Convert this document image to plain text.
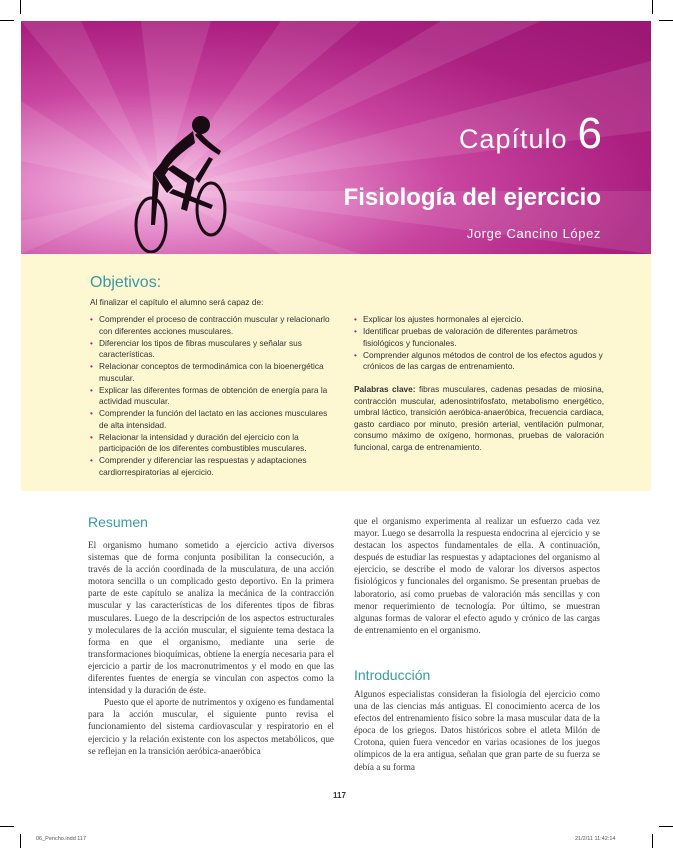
Capítulo 6
Fisiología del ejercicio
Jorge Cancino López
Objetivos:
Al finalizar el capítulo el alumno será capaz de:
• Comprender el proceso de contracción muscular y relacionarlo con diferentes acciones musculares.
• Diferenciar los tipos de fibras musculares y señalar sus características.
• Relacionar conceptos de termodinámica con la bioenergética muscular.
• Explicar las diferentes formas de obtención de energía para la actividad muscular.
• Comprender la función del lactato en las acciones musculares de alta intensidad.
• Relacionar la intensidad y duración del ejercicio con la participación de los diferentes combustibles musculares.
• Comprender y diferenciar las respuestas y adaptaciones cardiorrespiratorias al ejercicio.
• Explicar los ajustes hormonales al ejercicio.
• Identificar pruebas de valoración de diferentes parámetros fisiológicos y funcionales.
• Comprender algunos métodos de control de los efectos agudos y crónicos de las cargas de entrenamiento.
Palabras clave: fibras musculares, cadenas pesadas de miosina, contracción muscular, adenosintrifosfato, metabolismo energético, umbral láctico, transición aeróbica-anaeróbica, frecuencia cardiaca, gasto cardiaco por minuto, presión arterial, ventilación pulmonar, consumo máximo de oxígeno, hormonas, pruebas de valoración funcional, carga de entrenamiento.
Resumen

El organismo humano sometido a ejercicio activa diversos sistemas que de forma conjunta posibilitan la consecución, a través de la acción coordinada de la musculatura, de una acción motora sencilla o un complicado gesto deportivo. En la primera parte de este capítulo se analiza la mecánica de la contracción muscular y las características de los diferentes tipos de fibras musculares. Luego de la descripción de los aspectos estructurales y moleculares de la acción muscular, el siguiente tema destaca la forma en que el organismo, mediante una serie de transformaciones bioquímicas, obtiene la energía necesaria para el ejercicio a partir de los macronutrimentos y el modo en que las diferentes fuentes de energía se vinculan con aspectos como la intensidad y la duración de éste.

Puesto que el aporte de nutrimentos y oxígeno es fundamental para la acción muscular, el siguiente punto revisa el funcionamiento del sistema cardiovascular y respiratorio en el ejercicio y la relación existente con los aspectos metabólicos, que se reflejan en la transición aeróbica-anaeróbica

que el organismo experimenta al realizar un esfuerzo cada vez mayor. Luego se desarrolla la respuesta endocrina al ejercicio y se destacan los aspectos fundamentales de ella. A continuación, después de estudiar las respuestas y adaptaciones del organismo al ejercicio, se describe el modo de valorar los diversos aspectos fisiológicos y funcionales del organismo. Se presentan pruebas de laboratorio, así como pruebas de valoración más sencillas y con menor requerimiento de tecnología. Por último, se muestran algunas formas de valorar el efecto agudo y crónico de las cargas de entrenamiento en el organismo.

Introducción

Algunos especialistas consideran la fisiología del ejercicio como una de las ciencias más antiguas. El conocimiento acerca de los efectos del entrenamiento físico sobre la masa muscular data de la época de los griegos. Datos históricos sobre el atleta Milón de Crotona, quien fuera vencedor en varias ocasiones de los juegos olímpicos de la era antigua, señalan que gran parte de su fuerza se debía a su forma

117
06_Pencho.indd 117	21/2/11 11:42:14
